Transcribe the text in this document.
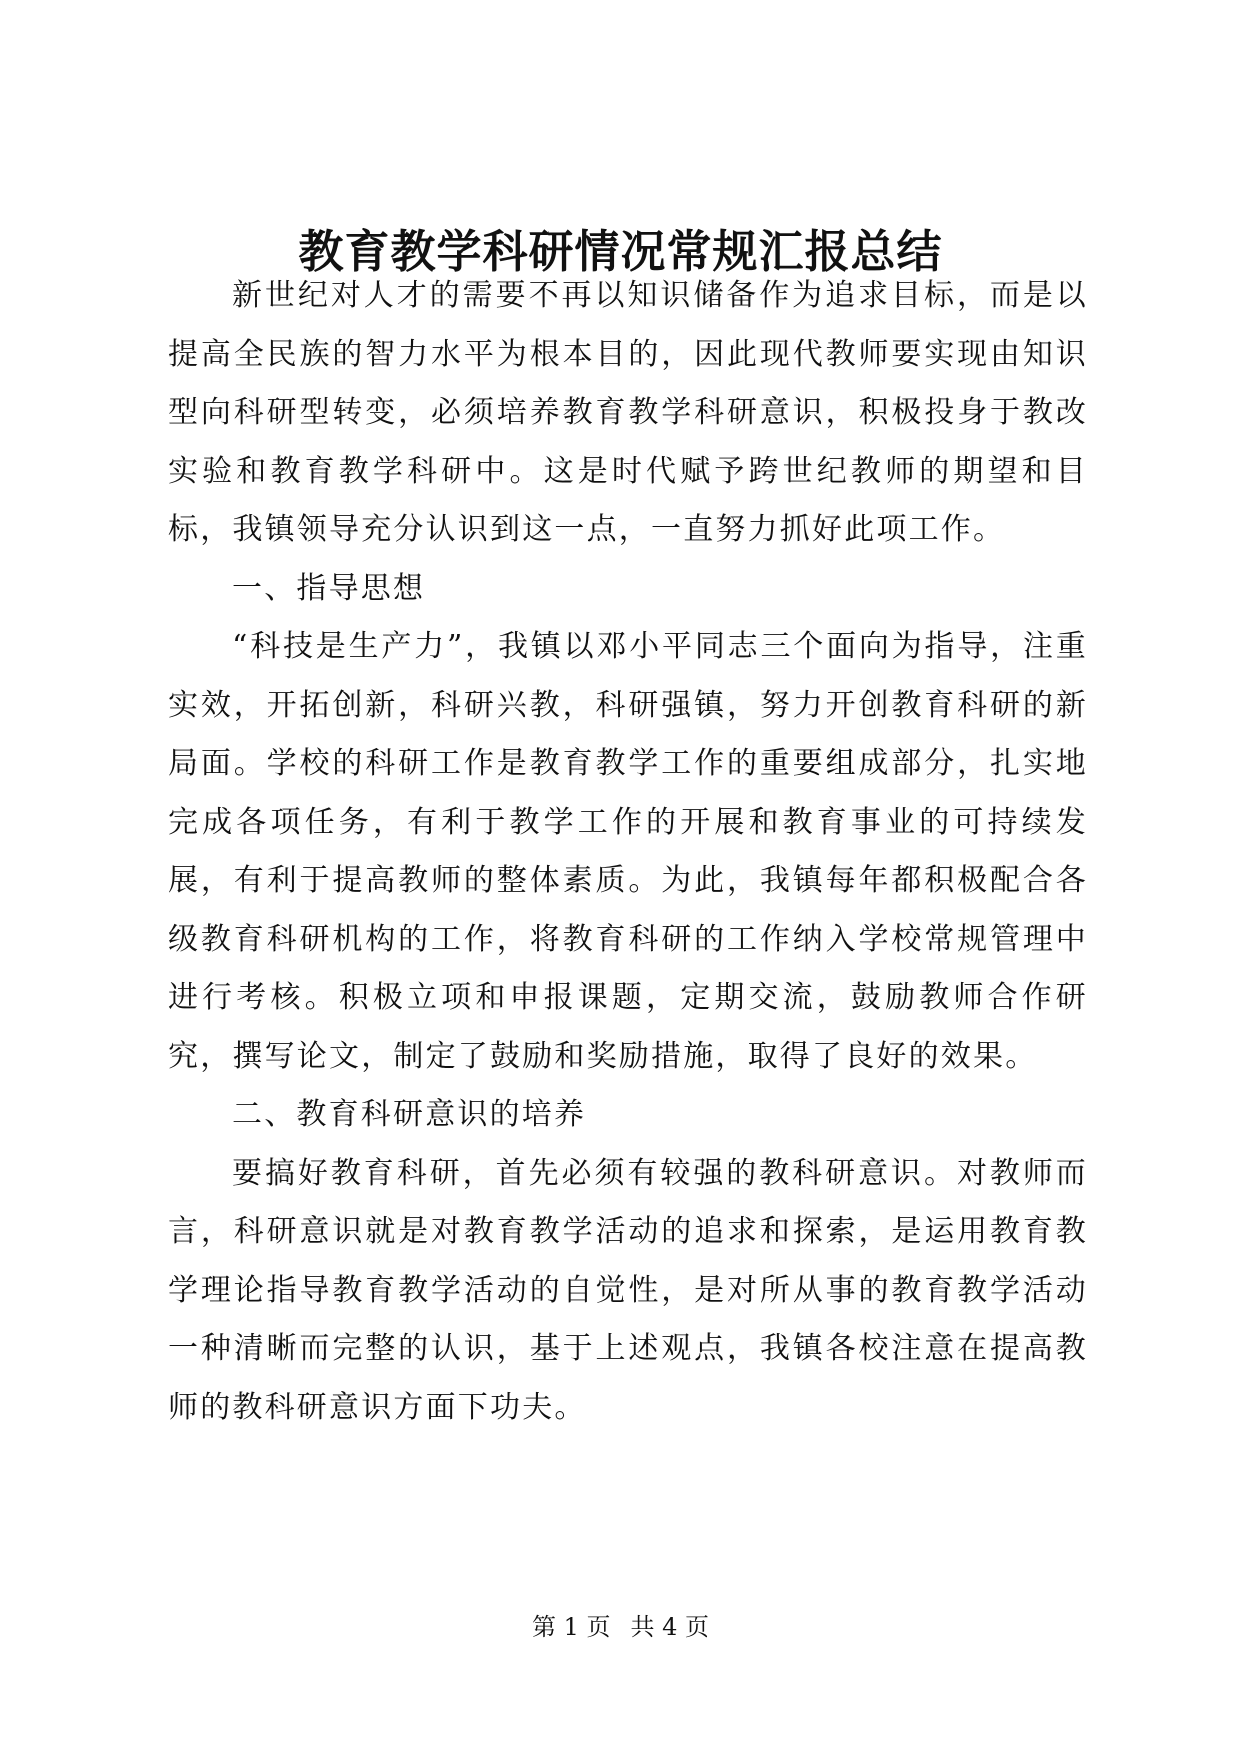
教育教学科研情况常规汇报总结

新世纪对人才的需要不再以知识储备作为追求目标，而是以提高全民族的智力水平为根本目的，因此现代教师要实现由知识型向科研型转变，必须培养教育教学科研意识，积极投身于教改实验和教育教学科研中。这是时代赋予跨世纪教师的期望和目标，我镇领导充分认识到这一点，一直努力抓好此项工作。

一、指导思想

“科技是生产力”，我镇以邓小平同志三个面向为指导，注重实效，开拓创新，科研兴教，科研强镇，努力开创教育科研的新局面。学校的科研工作是教育教学工作的重要组成部分，扎实地完成各项任务，有利于教学工作的开展和教育事业的可持续发展，有利于提高教师的整体素质。为此，我镇每年都积极配合各级教育科研机构的工作，将教育科研的工作纳入学校常规管理中进行考核。积极立项和申报课题，定期交流，鼓励教师合作研究，撰写论文，制定了鼓励和奖励措施，取得了良好的效果。

二、教育科研意识的培养

要搞好教育科研，首先必须有较强的教科研意识。对教师而言，科研意识就是对教育教学活动的追求和探索，是运用教育教学理论指导教育教学活动的自觉性，是对所从事的教育教学活动一种清晰而完整的认识，基于上述观点，我镇各校注意在提高教师的教科研意识方面下功夫。

第 1 页 共 4 页
